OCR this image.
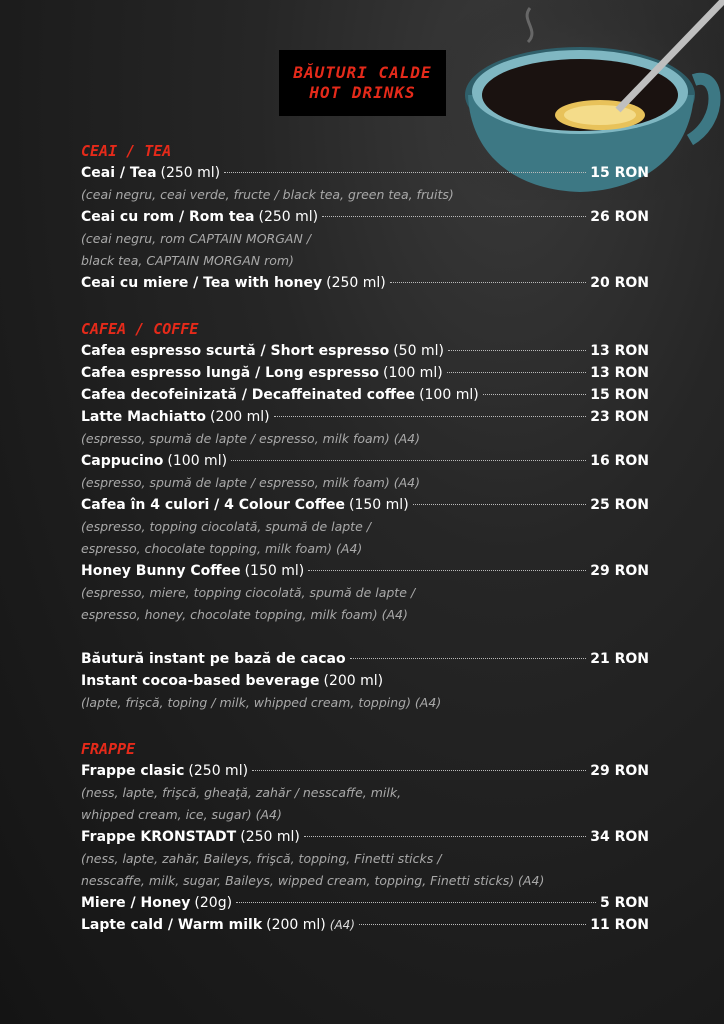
BĂUTURI CALDE
HOT DRINKS
CEAI / TEA
Ceai / Tea (250 ml)	15 RON
(ceai negru, ceai verde, fructe / black tea, green tea, fruits)
Ceai cu rom / Rom tea (250 ml)	26 RON
(ceai negru, rom CAPTAIN MORGAN /
black tea, CAPTAIN MORGAN rom)
Ceai cu miere / Tea with honey (250 ml)	20 RON
CAFEA / COFFE
Cafea espresso scurtă / Short espresso (50 ml)	13 RON
Cafea espresso lungă / Long espresso (100 ml)	13 RON
Cafea decofeinizată / Decaffeinated coffee (100 ml)	15 RON
Latte Machiatto (200 ml)	23 RON
(espresso, spumă de lapte / espresso, milk foam) (A4)
Cappucino (100 ml)	16 RON
(espresso, spumă de lapte / espresso, milk foam) (A4)
Cafea în 4 culori / 4 Colour Coffee (150 ml)	25 RON
(espresso, topping ciocolată, spumă de lapte /
espresso, chocolate topping, milk foam) (A4)
Honey Bunny Coffee (150 ml)	29 RON
(espresso, miere, topping ciocolată, spumă de lapte /
espresso, honey, chocolate topping, milk foam) (A4)
Băutură instant pe bază de cacao	21 RON
Instant cocoa-based beverage (200 ml)
(lapte, frişcă, toping / milk, whipped cream, topping) (A4)
FRAPPE
Frappe clasic (250 ml)	29 RON
(ness, lapte, frişcă, gheaţă, zahăr / nesscaffe, milk,
whipped cream, ice, sugar) (A4)
Frappe KRONSTADT (250 ml)	34 RON
(ness, lapte, zahăr, Baileys, frişcă, topping, Finetti sticks /
nesscaffe, milk, sugar, Baileys, wipped cream, topping, Finetti sticks) (A4)
Miere / Honey (20g)	5 RON
Lapte cald / Warm milk (200 ml) (A4)	11 RON
